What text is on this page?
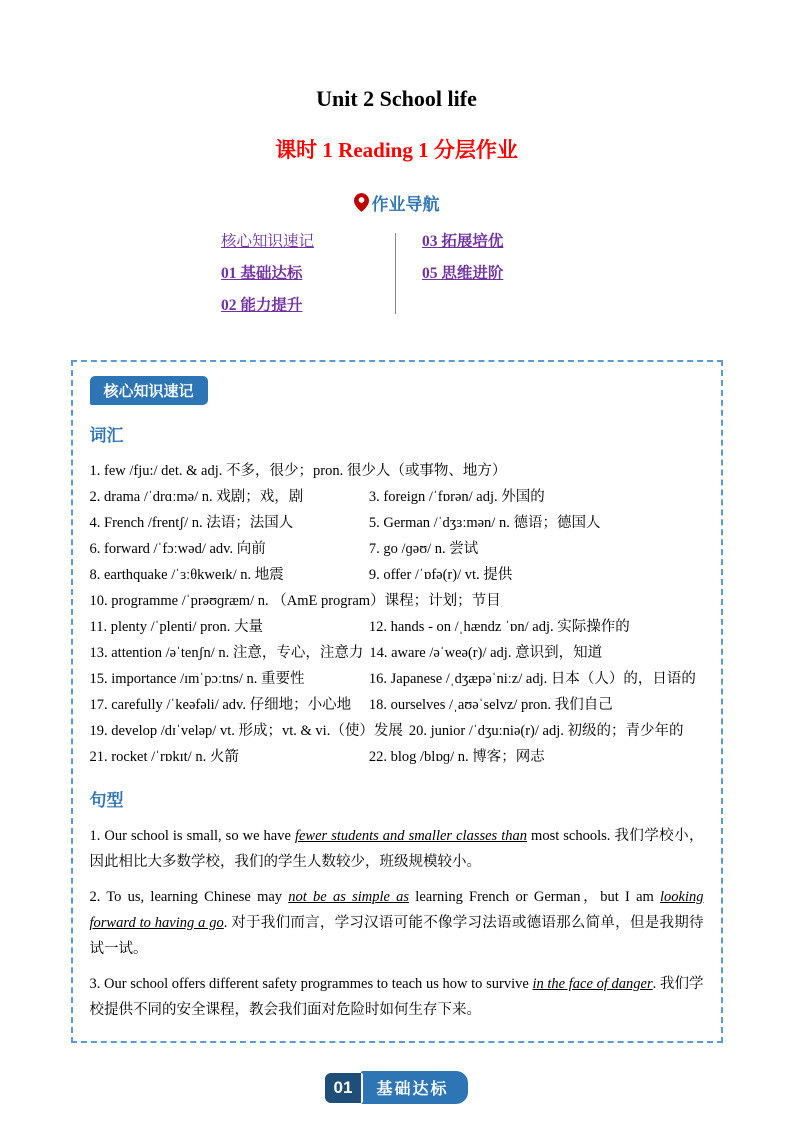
Unit 2 School life
课时 1 Reading 1 分层作业
作业导航
核心知识速记
01 基础达标
02 能力提升
03 拓展培优
05 思维进阶
核心知识速记
词汇
1. few /fju:/ det. & adj. 不多，很少；pron. 很少人（或事物、地方）
2. drama /ˈdrɑːmə/ n. 戏剧；戏，剧	3. foreign /ˈfɒrən/ adj. 外国的
4. French /frentʃ/ n. 法语；法国人	5. German /ˈdʒɜːmən/ n. 德语；德国人
6. forward /ˈfɔːwəd/ adv. 向前	7. go /ɡəʊ/ n. 尝试
8. earthquake /ˈɜːθkweɪk/ n. 地震	9. offer /ˈɒfə(r)/ vt. 提供
10. programme /ˈprəʊɡræm/ n. （AmE program）课程；计划；节目
11. plenty /ˈplenti/ pron. 大量	12. hands - on /ˌhændz ˈɒn/ adj. 实际操作的
13. attention /əˈtenʃn/ n. 注意，专心，注意力 14. aware /əˈweə(r)/ adj. 意识到，知道
15. importance /ɪmˈpɔːtns/ n. 重要性	16. Japanese /ˌdʒæpəˈniːz/ adj. 日本（人）的，日语的
17. carefully /ˈkeəfəli/ adv. 仔细地；小心地	18. ourselves /ˌaʊəˈselvz/ pron. 我们自己
19. develop /dɪˈveləp/ vt. 形成；vt. & vi.（使）发展 20. junior /ˈdʒuːniə(r)/ adj. 初级的；青少年的
21. rocket /ˈrɒkɪt/ n. 火箭	22. blog /blɒɡ/ n. 博客；网志
句型

1. Our school is small, so we have fewer students and smaller classes than most schools. 我们学校小，因此相比大多数学校，我们的学生人数较少，班级规模较小。

2. To us, learning Chinese may not be as simple as learning French or German，but I am looking forward to having a go. 对于我们而言，学习汉语可能不像学习法语或德语那么简单，但是我期待试一试。

3. Our school offers different safety programmes to teach us how to survive in the face of danger. 我们学校提供不同的安全课程，教会我们面对危险时如何生存下来。

01	基础达标
